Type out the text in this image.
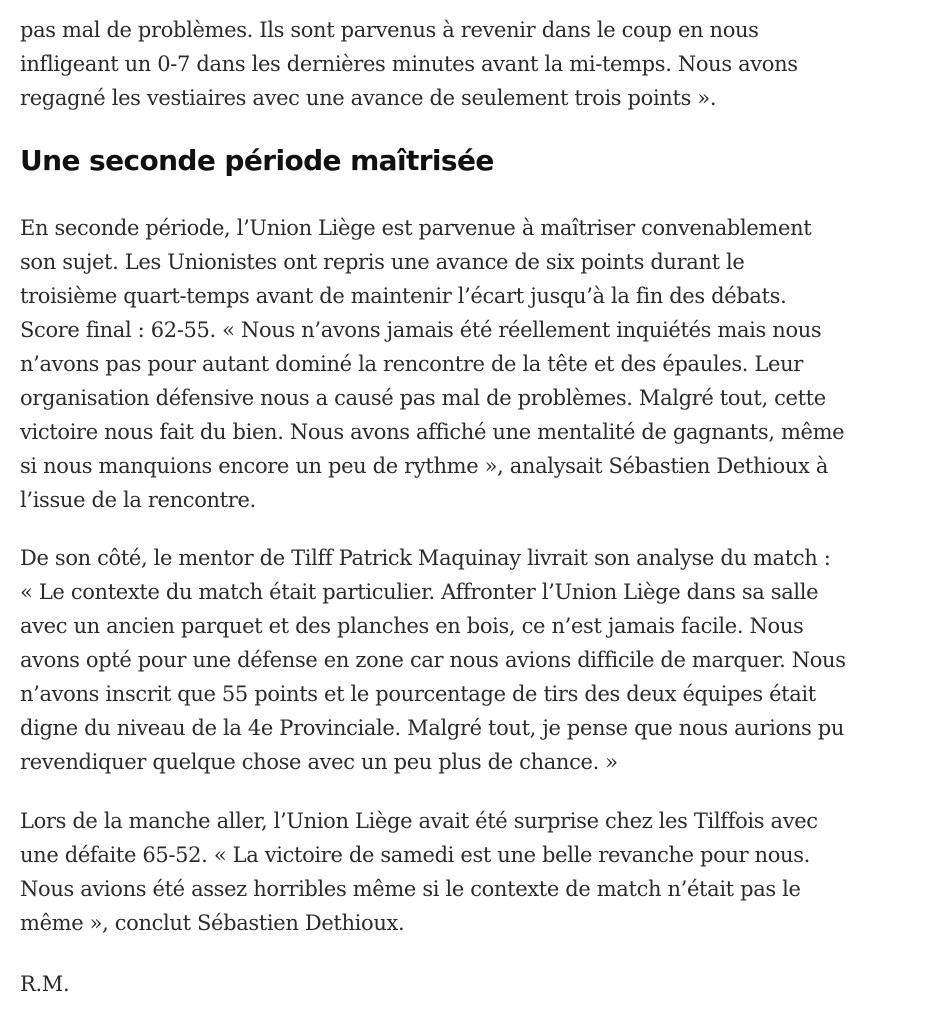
pas mal de problèmes. Ils sont parvenus à revenir dans le coup en nous
infligeant un 0-7 dans les dernières minutes avant la mi-temps. Nous avons
regagné les vestiaires avec une avance de seulement trois points ».

Une seconde période maîtrisée

En seconde période, l’Union Liège est parvenue à maîtriser convenablement
son sujet. Les Unionistes ont repris une avance de six points durant le
troisième quart-temps avant de maintenir l’écart jusqu’à la fin des débats.
Score final : 62-55. « Nous n’avons jamais été réellement inquiétés mais nous
n’avons pas pour autant dominé la rencontre de la tête et des épaules. Leur
organisation défensive nous a causé pas mal de problèmes. Malgré tout, cette
victoire nous fait du bien. Nous avons affiché une mentalité de gagnants, même
si nous manquions encore un peu de rythme », analysait Sébastien Dethioux à
l’issue de la rencontre.

De son côté, le mentor de Tilff Patrick Maquinay livrait son analyse du match :
« Le contexte du match était particulier. Affronter l’Union Liège dans sa salle
avec un ancien parquet et des planches en bois, ce n’est jamais facile. Nous
avons opté pour une défense en zone car nous avions difficile de marquer. Nous
n’avons inscrit que 55 points et le pourcentage de tirs des deux équipes était
digne du niveau de la 4e Provinciale. Malgré tout, je pense que nous aurions pu
revendiquer quelque chose avec un peu plus de chance. »

Lors de la manche aller, l’Union Liège avait été surprise chez les Tilffois avec
une défaite 65-52. « La victoire de samedi est une belle revanche pour nous.
Nous avions été assez horribles même si le contexte de match n’était pas le
même », conclut Sébastien Dethioux.

R.M.
